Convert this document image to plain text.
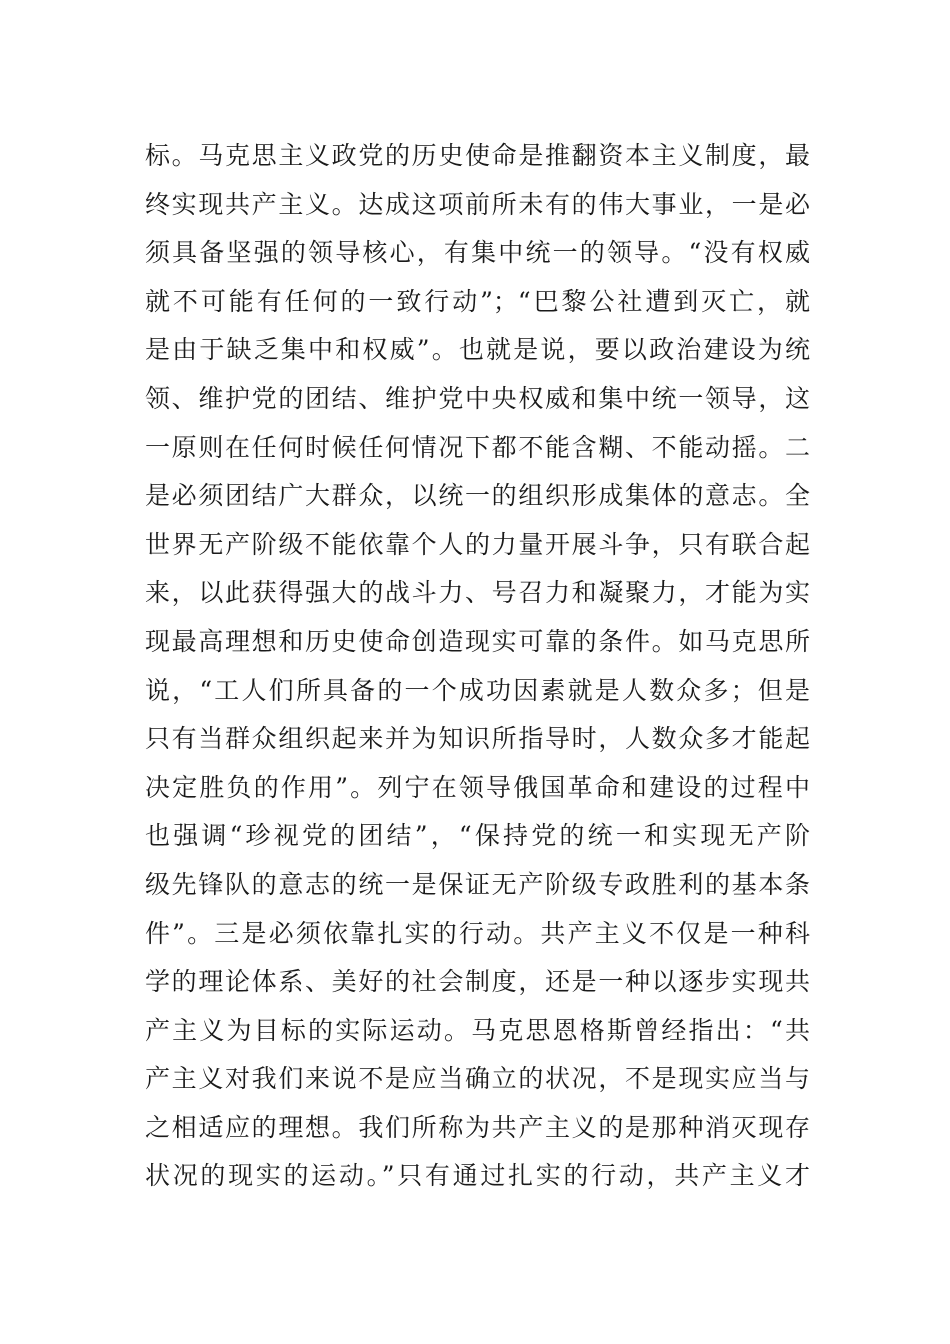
标。马克思主义政党的历史使命是推翻资本主义制度，最
终实现共产主义。达成这项前所未有的伟大事业，一是必
须具备坚强的领导核心，有集中统一的领导。“没有权威
就不可能有任何的一致行动”；“巴黎公社遭到灭亡，就
是由于缺乏集中和权威”。也就是说，要以政治建设为统
领、维护党的团结、维护党中央权威和集中统一领导，这
一原则在任何时候任何情况下都不能含糊、不能动摇。二
是必须团结广大群众，以统一的组织形成集体的意志。全
世界无产阶级不能依靠个人的力量开展斗争，只有联合起
来，以此获得强大的战斗力、号召力和凝聚力，才能为实
现最高理想和历史使命创造现实可靠的条件。如马克思所
说，“工人们所具备的一个成功因素就是人数众多；但是
只有当群众组织起来并为知识所指导时，人数众多才能起
决定胜负的作用”。列宁在领导俄国革命和建设的过程中
也强调“珍视党的团结”，“保持党的统一和实现无产阶
级先锋队的意志的统一是保证无产阶级专政胜利的基本条
件”。三是必须依靠扎实的行动。共产主义不仅是一种科
学的理论体系、美好的社会制度，还是一种以逐步实现共
产主义为目标的实际运动。马克思恩格斯曾经指出：“共
产主义对我们来说不是应当确立的状况，不是现实应当与
之相适应的理想。我们所称为共产主义的是那种消灭现存
状况的现实的运动。”只有通过扎实的行动，共产主义才
